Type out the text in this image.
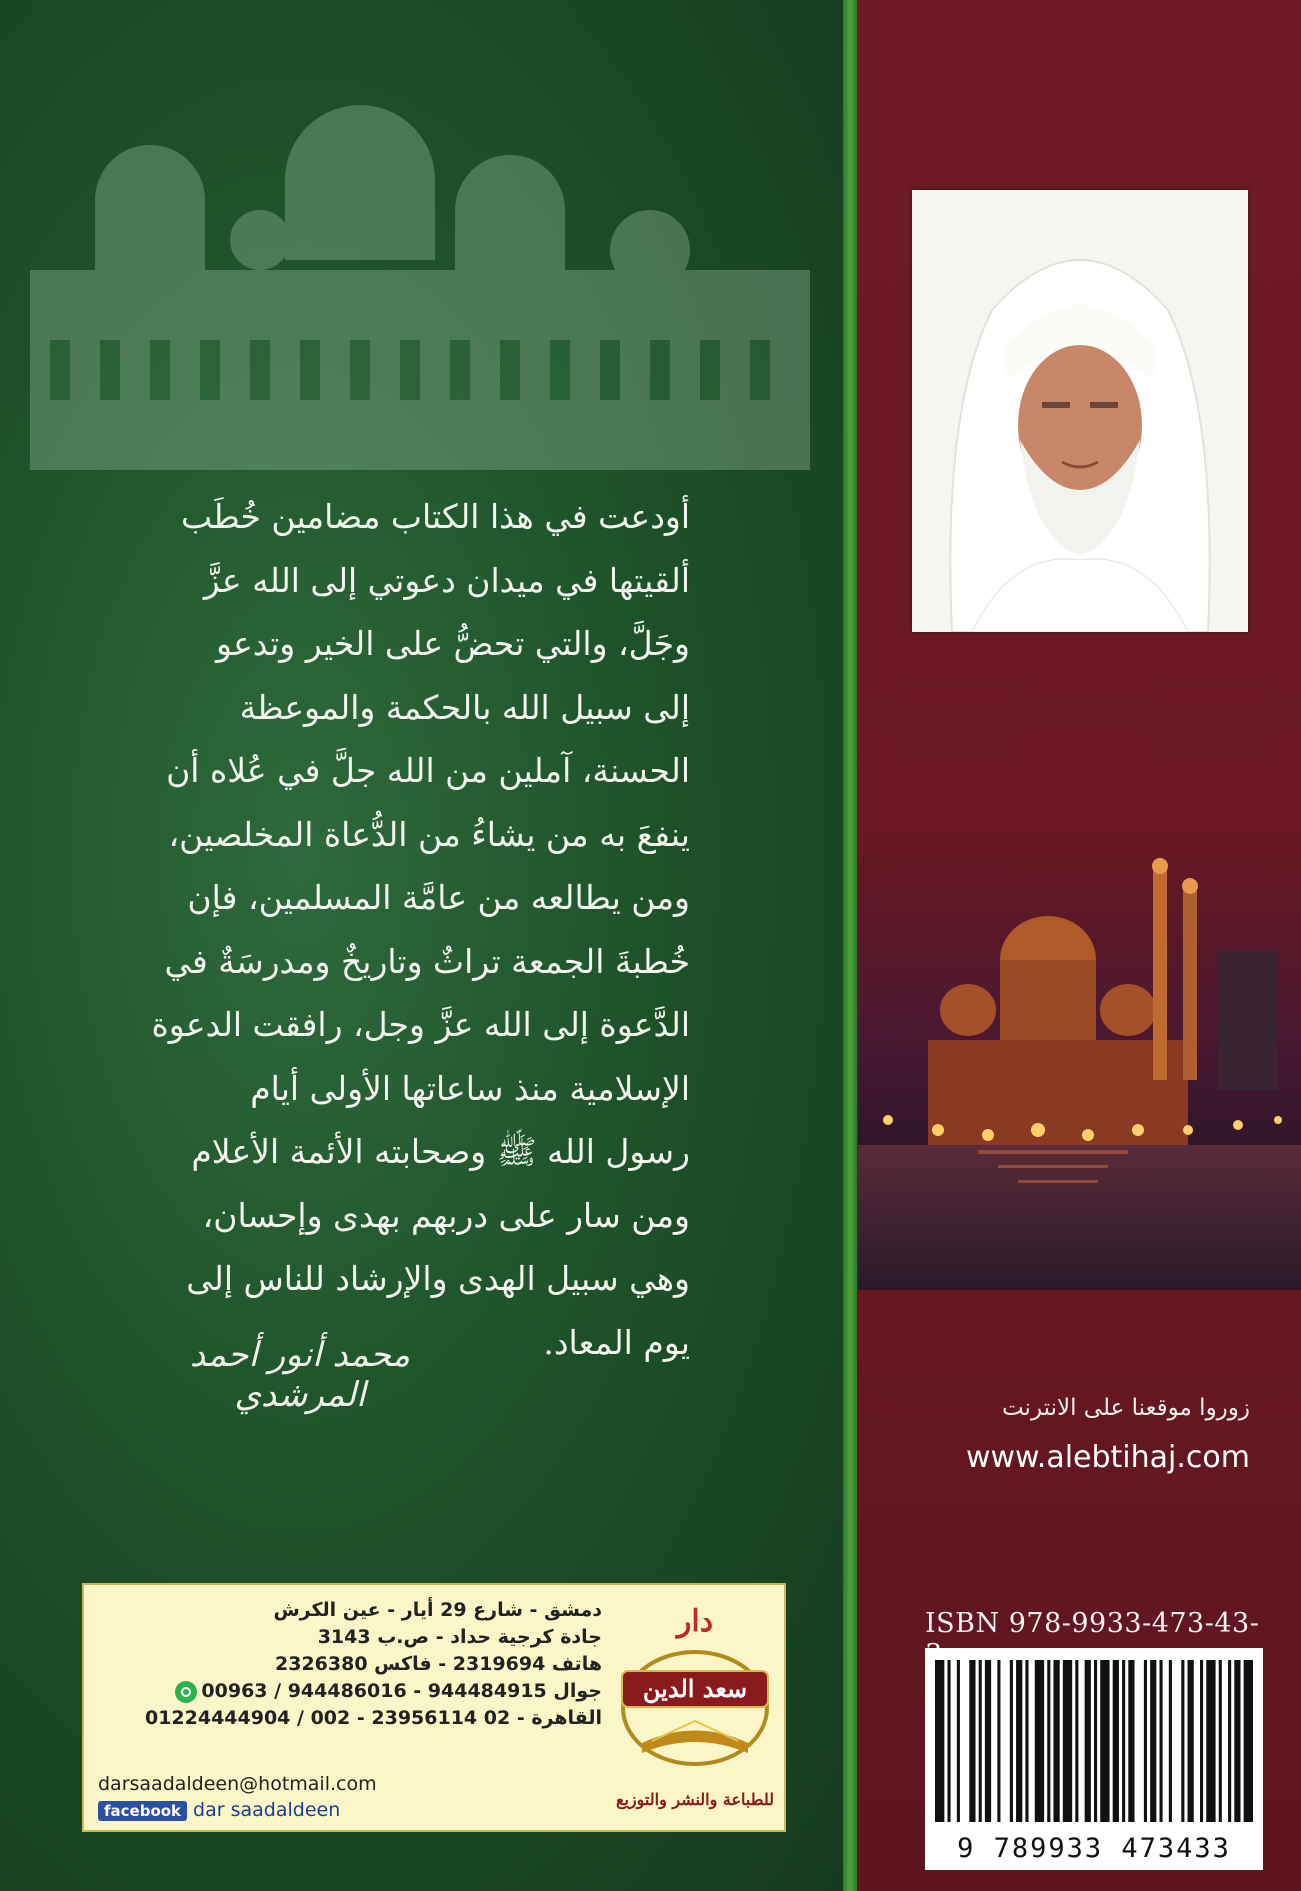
أودعت في هذا الكتاب مضامين خُطَب
ألقيتها في ميدان دعوتي إلى الله عزَّ
وجَلَّ، والتي تحضُّ على الخير وتدعو
إلى سبيل الله بالحكمة والموعظة
الحسنة، آملين من الله جلَّ في عُلاه أن
ينفعَ به من يشاءُ من الدُّعاة المخلصين،
ومن يطالعه من عامَّة المسلمين، فإن
خُطبةَ الجمعة تراثٌ وتاريخٌ ومدرسَةٌ في
الدَّعوة إلى الله عزَّ وجل، رافقت الدعوة
الإسلامية منذ ساعاتها الأولى أيام
رسول الله ﷺ وصحابته الأئمة الأعلام
ومن سار على دربهم بهدى وإحسان،
وهي سبيل الهدى والإرشاد للناس إلى
يوم المعاد.
محمد أنور أحمد المرشدي
دار
سعد الدين
للطباعة والنشر والتوزيع
دمشق - شارع 29 أيار - عين الكرش
جادة كرجية حداد - ص.ب 3143
هاتف 2319694 - فاكس 2326380
جوال 944484915 - 944486016 / 00963
القاهرة - 02 23956114 - 002 / 01224444904
darsaadaldeen@hotmail.com
facebook dar saadaldeen
زوروا موقعنا على الانترنت
www.alebtihaj.com
ISBN 978-9933-473-43-
9 789933 473433
